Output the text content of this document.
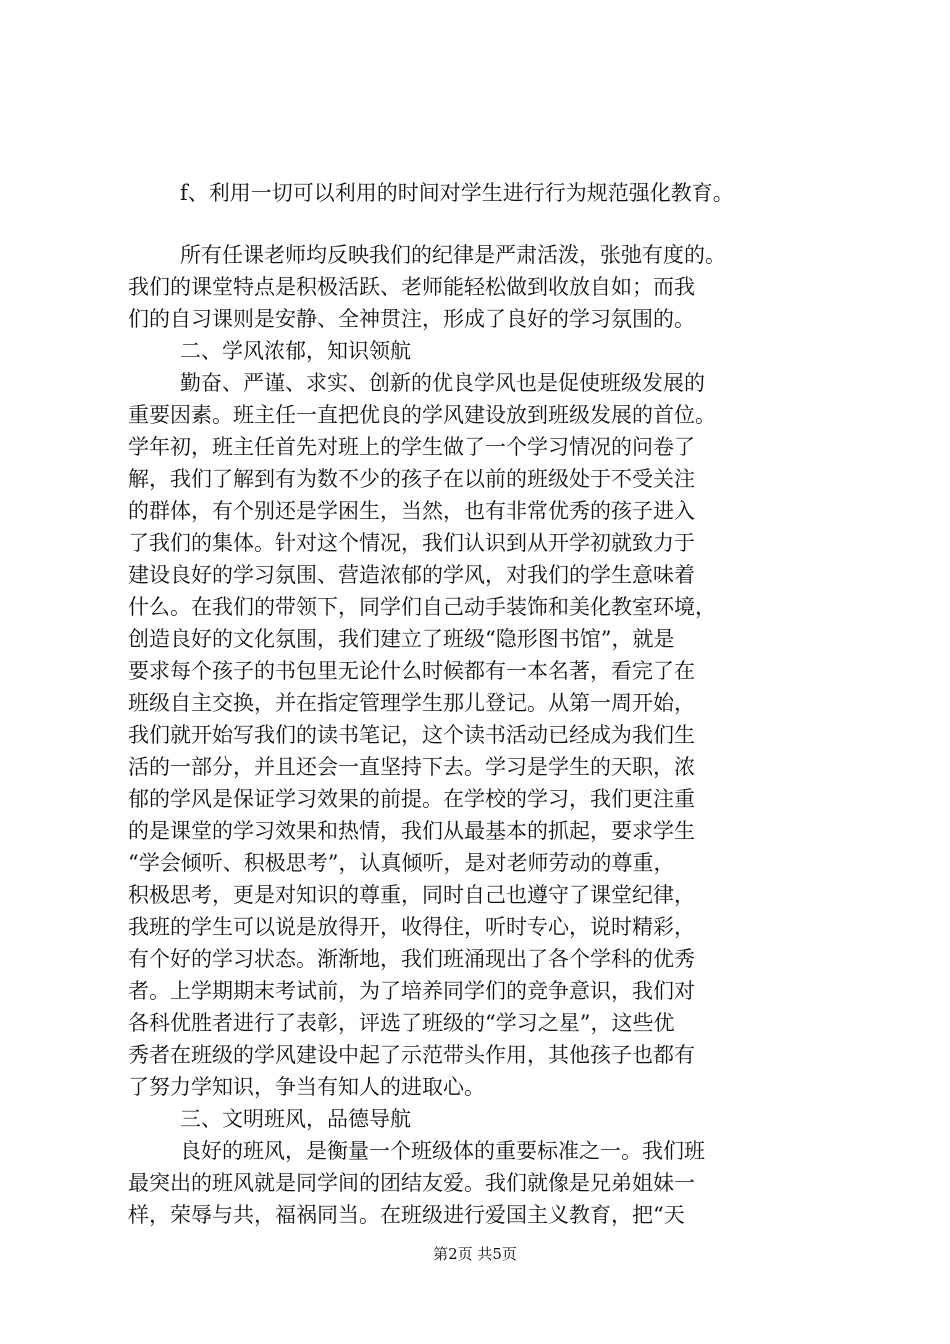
f、利用一切可以利用的时间对学生进行行为规范强化教育。
所有任课老师均反映我们的纪律是严肃活泼，张弛有度的。
我们的课堂特点是积极活跃、老师能轻松做到收放自如；而我
们的自习课则是安静、全神贯注，形成了良好的学习氛围的。
二、学风浓郁，知识领航
勤奋、严谨、求实、创新的优良学风也是促使班级发展的
重要因素。班主任一直把优良的学风建设放到班级发展的首位。
学年初，班主任首先对班上的学生做了一个学习情况的问卷了
解，我们了解到有为数不少的孩子在以前的班级处于不受关注
的群体，有个别还是学困生，当然，也有非常优秀的孩子进入
了我们的集体。针对这个情况，我们认识到从开学初就致力于
建设良好的学习氛围、营造浓郁的学风，对我们的学生意味着
什么。在我们的带领下，同学们自己动手装饰和美化教室环境，
创造良好的文化氛围，我们建立了班级“隐形图书馆”，就是
要求每个孩子的书包里无论什么时候都有一本名著，看完了在
班级自主交换，并在指定管理学生那儿登记。从第一周开始，
我们就开始写我们的读书笔记，这个读书活动已经成为我们生
活的一部分，并且还会一直坚持下去。学习是学生的天职，浓
郁的学风是保证学习效果的前提。在学校的学习，我们更注重
的是课堂的学习效果和热情，我们从最基本的抓起，要求学生
“学会倾听、积极思考”，认真倾听，是对老师劳动的尊重，
积极思考，更是对知识的尊重，同时自己也遵守了课堂纪律，
我班的学生可以说是放得开，收得住，听时专心，说时精彩，
有个好的学习状态。渐渐地，我们班涌现出了各个学科的优秀
者。上学期期末考试前，为了培养同学们的竞争意识，我们对
各科优胜者进行了表彰，评选了班级的“学习之星”，这些优
秀者在班级的学风建设中起了示范带头作用，其他孩子也都有
了努力学知识，争当有知人的进取心。
三、文明班风，品德导航
良好的班风，是衡量一个班级体的重要标准之一。我们班
最突出的班风就是同学间的团结友爱。我们就像是兄弟姐妹一
样，荣辱与共，福祸同当。在班级进行爱国主义教育，把“天
第2页 共5页
